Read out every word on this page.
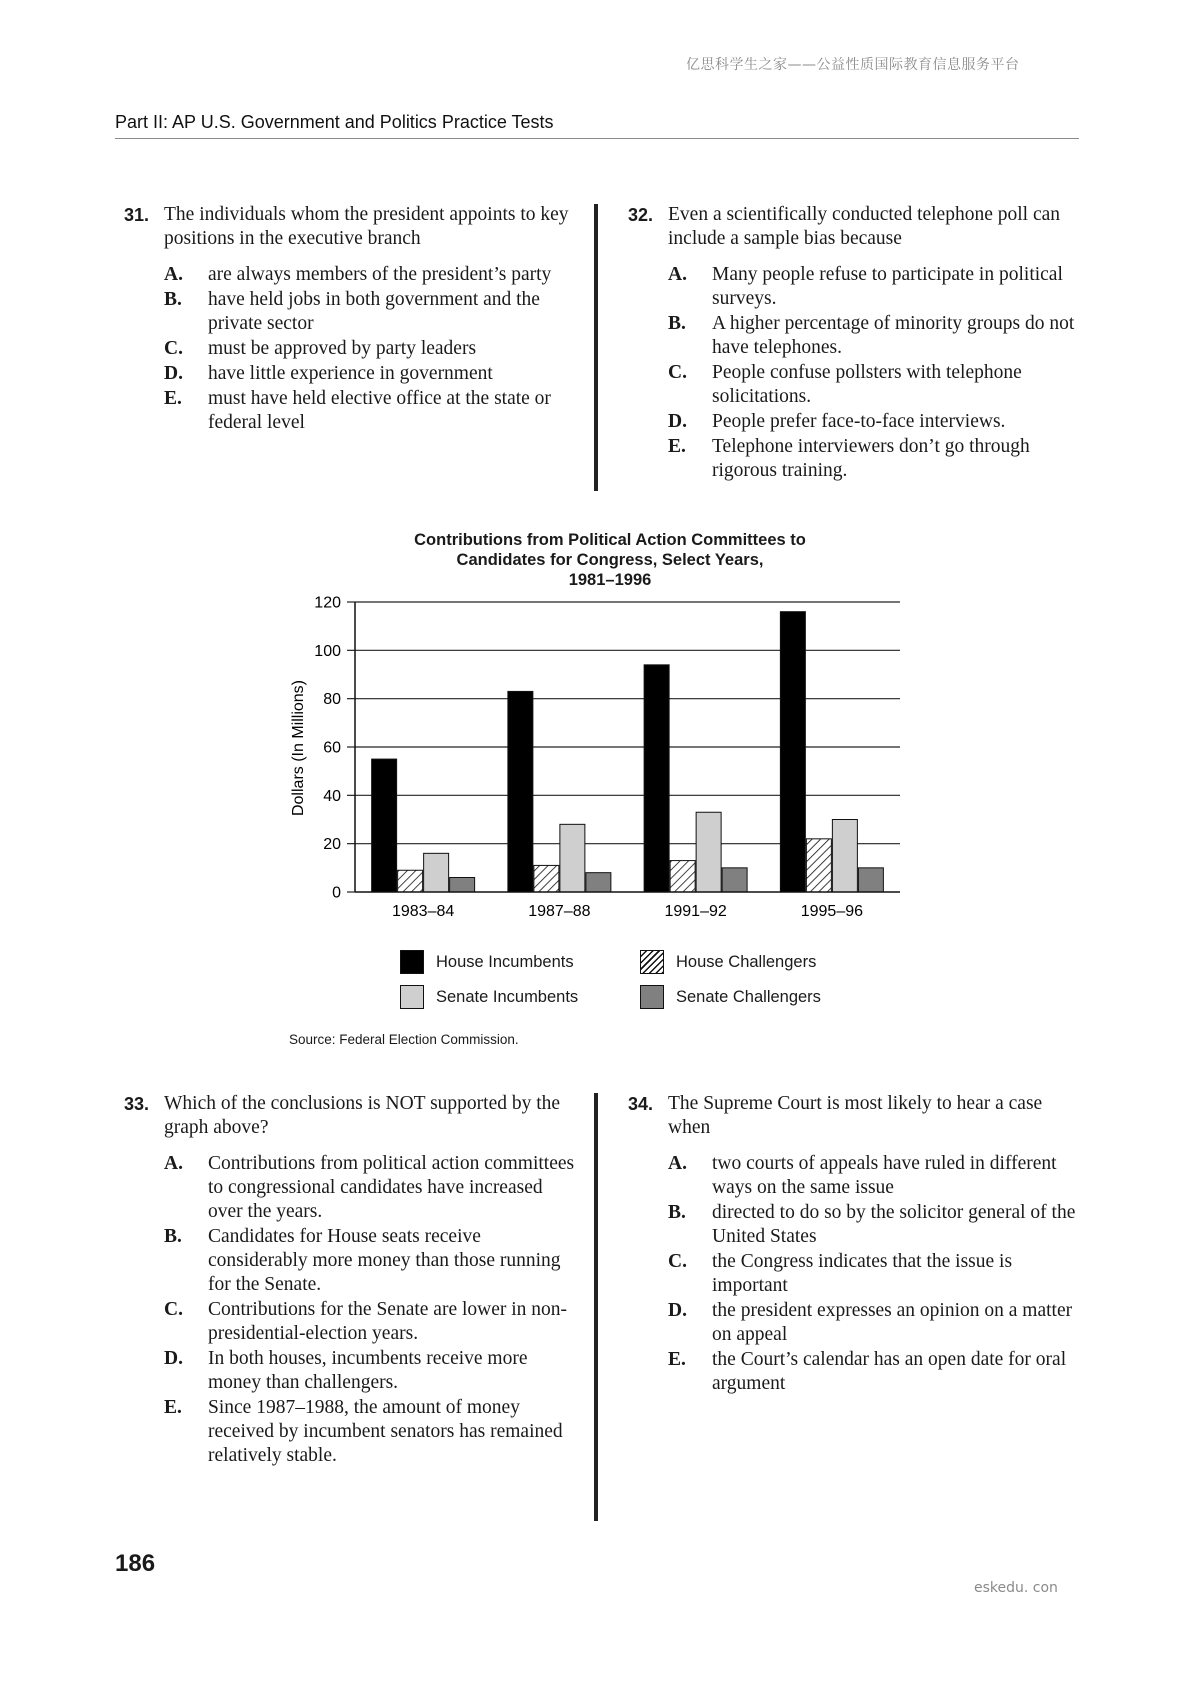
亿思科学生之家——公益性质国际教育信息服务平台
Part II: AP U.S. Government and Politics Practice Tests
31. The individuals whom the president appoints to key positions in the executive branch
A. are always members of the president’s party
B. have held jobs in both government and the private sector
C. must be approved by party leaders
D. have little experience in government
E. must have held elective office at the state or federal level
32. Even a scientifically conducted telephone poll can include a sample bias because
A. Many people refuse to participate in political surveys.
B. A higher percentage of minority groups do not have telephones.
C. People confuse pollsters with telephone solicitations.
D. People prefer face-to-face interviews.
E. Telephone interviewers don’t go through rigorous training.
Contributions from Political Action Committees to
Candidates for Congress, Select Years,
1981–1996
0
20
40
60
80
100
120
1983–84	1987–88	1991–92	1995–96
Dollars (In Millions)
House Incumbents	House Challengers
Senate Incumbents	Senate Challengers
Source: Federal Election Commission.
33. Which of the conclusions is NOT supported by the graph above?
A. Contributions from political action committees to congressional candidates have increased over the years.
B. Candidates for House seats receive considerably more money than those running for the Senate.
C. Contributions for the Senate are lower in non-presidential-election years.
D. In both houses, incumbents receive more money than challengers.
E. Since 1987–1988, the amount of money received by incumbent senators has remained relatively stable.
34. The Supreme Court is most likely to hear a case when
A. two courts of appeals have ruled in different ways on the same issue
B. directed to do so by the solicitor general of the United States
C. the Congress indicates that the issue is important
D. the president expresses an opinion on a matter on appeal
E. the Court’s calendar has an open date for oral argument
186
eskedu. con
